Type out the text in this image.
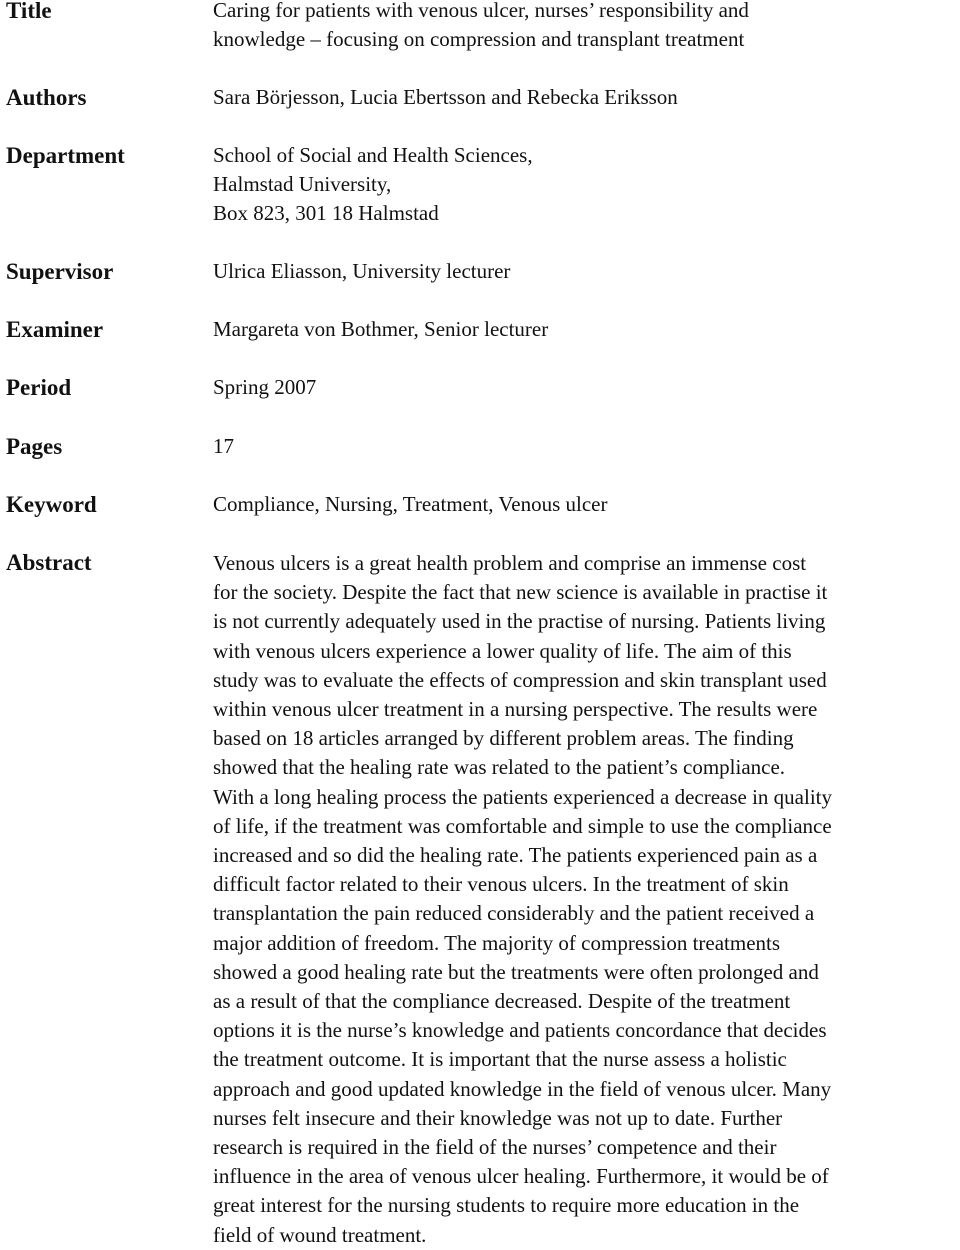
Title	Caring for patients with venous ulcer, nurses’ responsibility and
knowledge – focusing on compression and transplant treatment
Authors	Sara Börjesson, Lucia Ebertsson and Rebecka Eriksson
Department	School of Social and Health Sciences,
Halmstad University,
Box 823, 301 18 Halmstad
Supervisor	Ulrica Eliasson, University lecturer
Examiner	Margareta von Bothmer, Senior lecturer
Period	Spring 2007
Pages	17
Keyword	Compliance, Nursing, Treatment, Venous ulcer
Abstract	Venous ulcers is a great health problem and comprise an immense cost
for the society. Despite the fact that new science is available in practise it
is not currently adequately used in the practise of nursing. Patients living
with venous ulcers experience a lower quality of life. The aim of this
study was to evaluate the effects of compression and skin transplant used
within venous ulcer treatment in a nursing perspective. The results were
based on 18 articles arranged by different problem areas. The finding
showed that the healing rate was related to the patient’s compliance.
With a long healing process the patients experienced a decrease in quality
of life, if the treatment was comfortable and simple to use the compliance
increased and so did the healing rate. The patients experienced pain as a
difficult factor related to their venous ulcers. In the treatment of skin
transplantation the pain reduced considerably and the patient received a
major addition of freedom. The majority of compression treatments
showed a good healing rate but the treatments were often prolonged and
as a result of that the compliance decreased. Despite of the treatment
options it is the nurse’s knowledge and patients concordance that decides
the treatment outcome. It is important that the nurse assess a holistic
approach and good updated knowledge in the field of venous ulcer. Many
nurses felt insecure and their knowledge was not up to date. Further
research is required in the field of the nurses’ competence and their
influence in the area of venous ulcer healing. Furthermore, it would be of
great interest for the nursing students to require more education in the
field of wound treatment.
